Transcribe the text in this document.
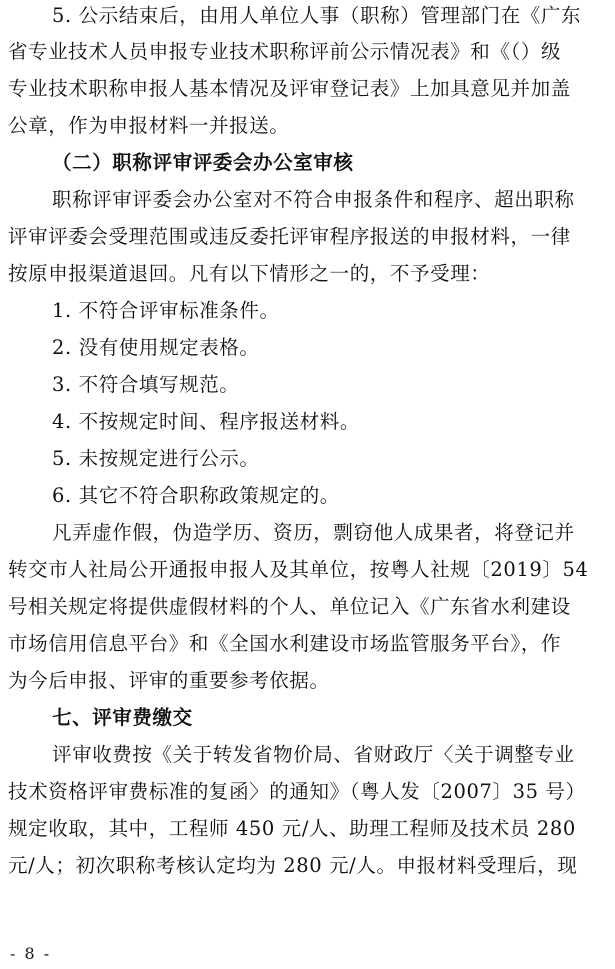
5. 公示结束后，由用人单位人事（职称）管理部门在《广东
省专业技术人员申报专业技术职称评前公示情况表》和《（）级
专业技术职称申报人基本情况及评审登记表》上加具意见并加盖
公章，作为申报材料一并报送。
（二）职称评审评委会办公室审核
职称评审评委会办公室对不符合申报条件和程序、超出职称
评审评委会受理范围或违反委托评审程序报送的申报材料，一律
按原申报渠道退回。凡有以下情形之一的，不予受理：
1. 不符合评审标准条件。
2. 没有使用规定表格。
3. 不符合填写规范。
4. 不按规定时间、程序报送材料。
5. 未按规定进行公示。
6. 其它不符合职称政策规定的。
凡弄虚作假，伪造学历、资历，剽窃他人成果者，将登记并
转交市人社局公开通报申报人及其单位，按粤人社规〔2019〕54
号相关规定将提供虚假材料的个人、单位记入《广东省水利建设
市场信用信息平台》和《全国水利建设市场监管服务平台》，作
为今后申报、评审的重要参考依据。
七、评审费缴交
评审收费按《关于转发省物价局、省财政厅〈关于调整专业
技术资格评审费标准的复函〉的通知》（粤人发〔2007〕35 号）
规定收取，其中，工程师 450 元/人、助理工程师及技术员 280
元/人；初次职称考核认定均为 280 元/人。申报材料受理后，现
- 8 -
